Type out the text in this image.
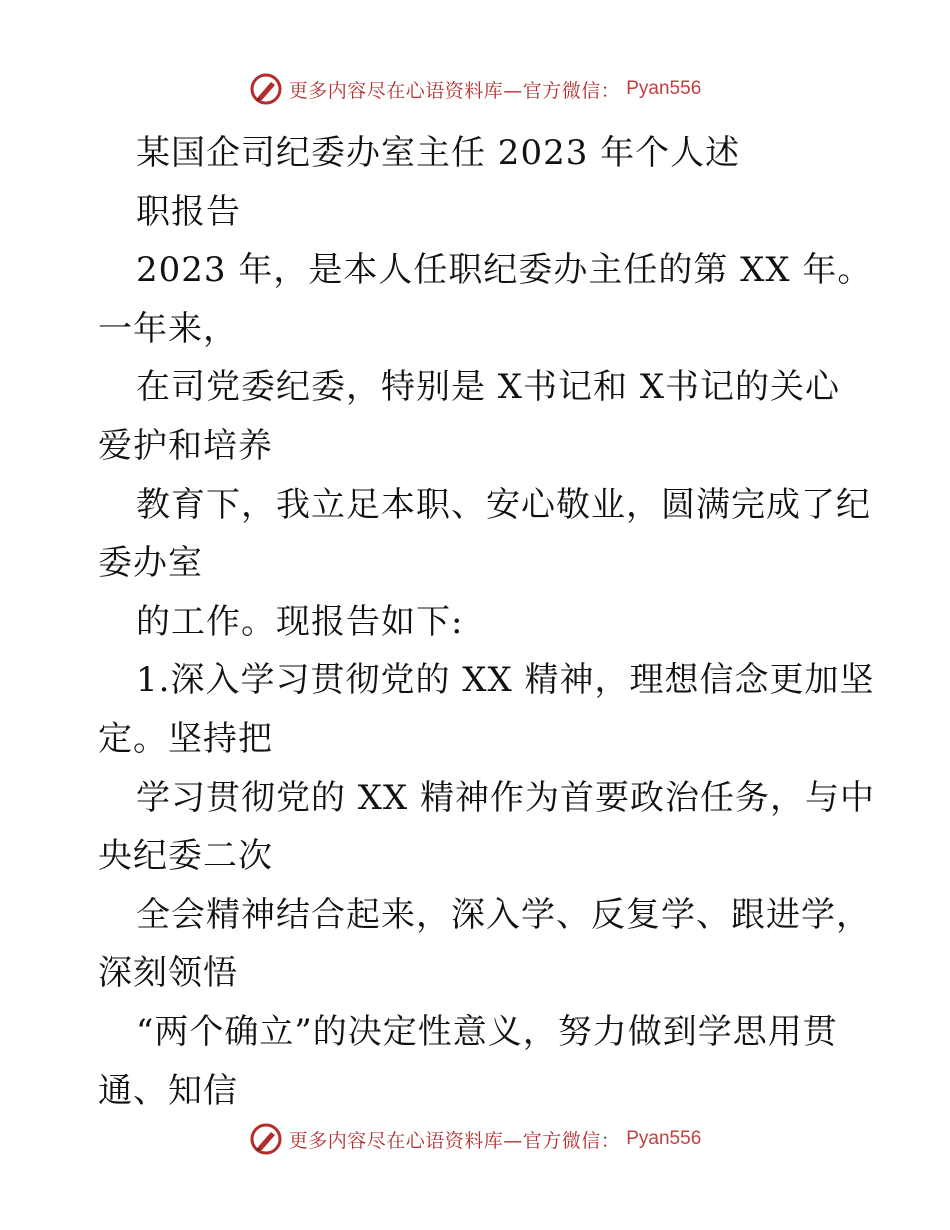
更多内容尽在心语资料库—官方微信： Pyan556
某国企司纪委办室主任 2023 年个人述
职报告
2023 年，是本人任职纪委办主任的第 XX 年。
一年来，
在司党委纪委，特别是 X书记和 X书记的关心
爱护和培养
教育下，我立足本职、安心敬业，圆满完成了纪
委办室
的工作。现报告如下:
1.深入学习贯彻党的 XX 精神，理想信念更加坚
定。坚持把
学习贯彻党的 XX 精神作为首要政治任务，与中
央纪委二次
全会精神结合起来，深入学、反复学、跟进学，
深刻领悟
“两个确立”的决定性意义，努力做到学思用贯
通、知信
更多内容尽在心语资料库—官方微信： Pyan556
